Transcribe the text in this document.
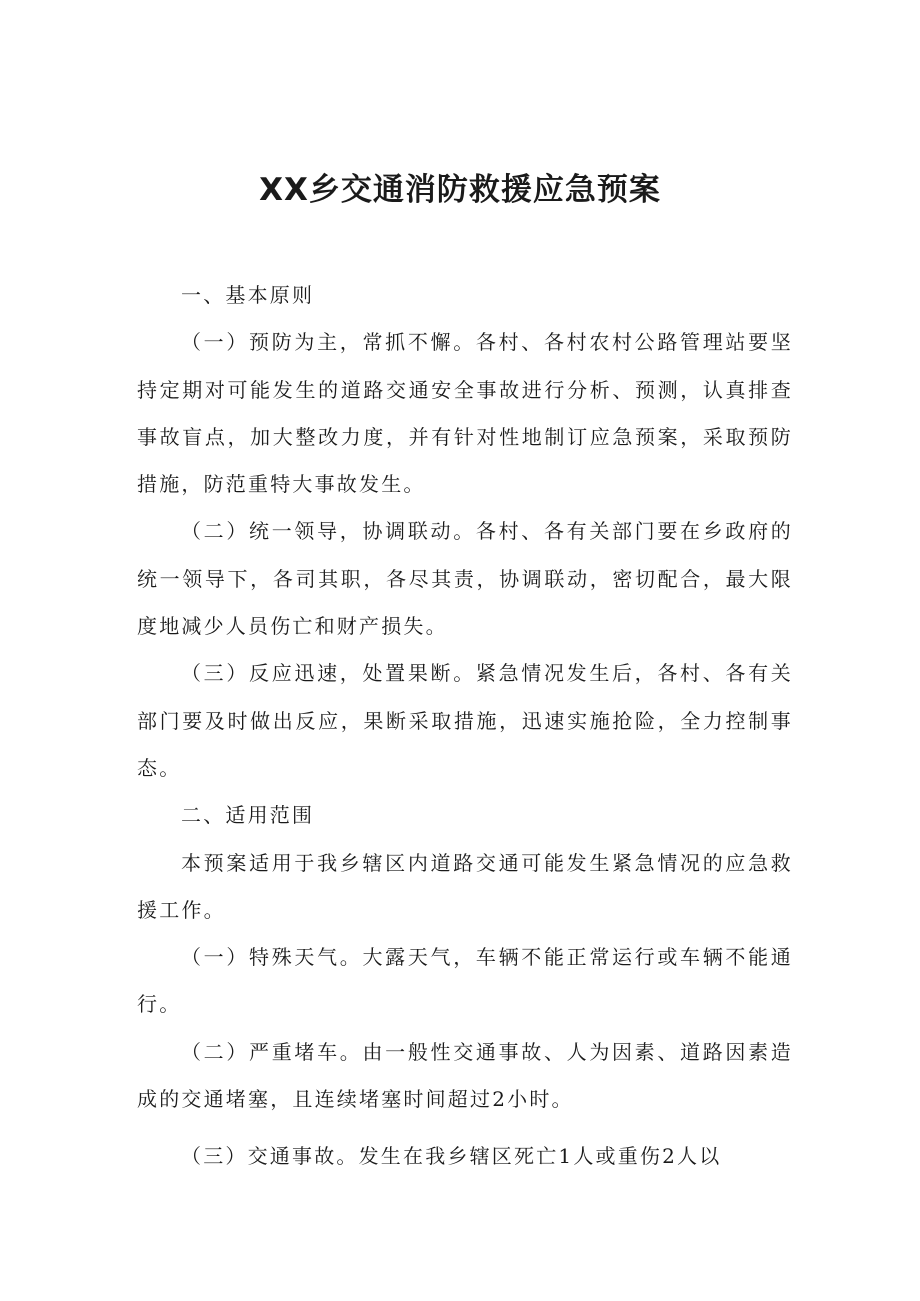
XX乡交通消防救援应急预案

一、基本原则

（一）预防为主，常抓不懈。各村、各村农村公路管理站要坚持定期对可能发生的道路交通安全事故进行分析、预测，认真排查事故盲点，加大整改力度，并有针对性地制订应急预案，采取预防措施，防范重特大事故发生。

（二）统一领导，协调联动。各村、各有关部门要在乡政府的统一领导下，各司其职，各尽其责，协调联动，密切配合，最大限度地减少人员伤亡和财产损失。

（三）反应迅速，处置果断。紧急情况发生后，各村、各有关部门要及时做出反应，果断采取措施，迅速实施抢险，全力控制事态。

二、适用范围

本预案适用于我乡辖区内道路交通可能发生紧急情况的应急救援工作。

（一）特殊天气。大露天气，车辆不能正常运行或车辆不能通行。

（二）严重堵车。由一般性交通事故、人为因素、道路因素造成的交通堵塞，且连续堵塞时间超过2小时。

（三）交通事故。发生在我乡辖区死亡1人或重伤2人以
